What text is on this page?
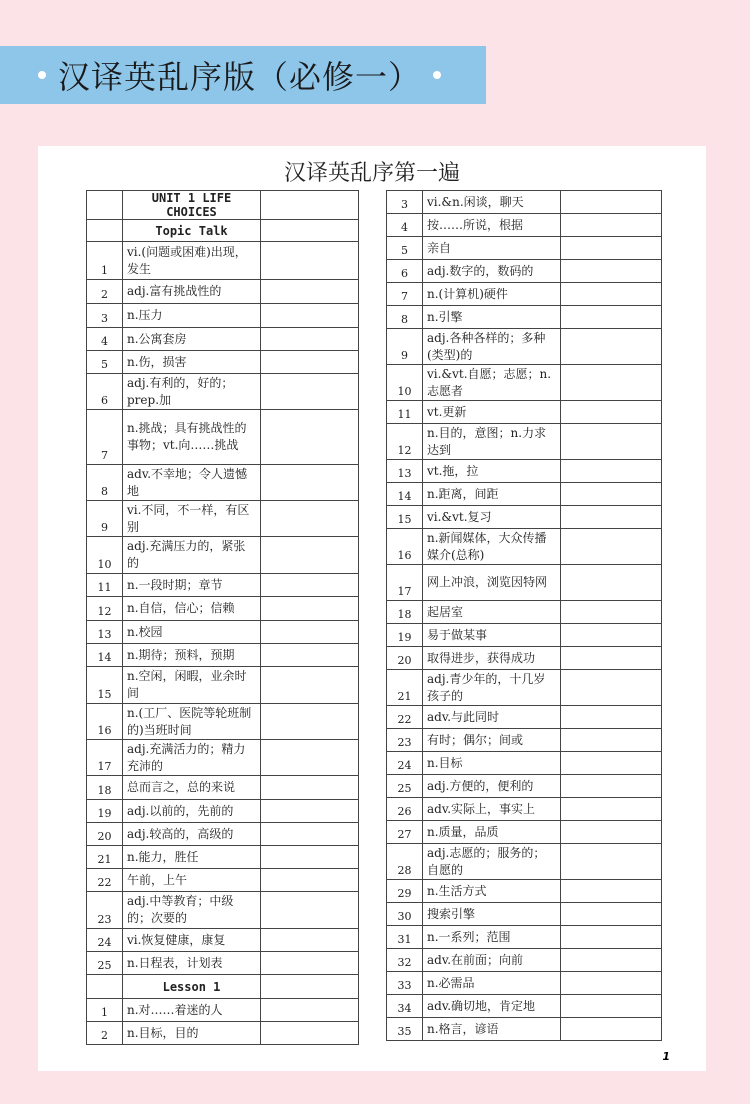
汉译英乱序版（必修一）
汉译英乱序第一遍
	UNIT 1 LIFE CHOICES	
	Topic Talk	
1	vi.(问题或困难)出现，发生	
2	adj.富有挑战性的	
3	n.压力	
4	n.公寓套房	
5	n.伤，损害	
6	adj.有利的，好的；prep.加	
7	n.挑战；具有挑战性的事物；vt.向……挑战	
8	adv.不幸地；令人遗憾地	
9	vi.不同，不一样，有区别	
10	adj.充满压力的，紧张的	
11	n.一段时期；章节	
12	n.自信，信心；信赖	
13	n.校园	
14	n.期待；预料，预期	
15	n.空闲，闲暇，业余时间	
16	n.(工厂、医院等轮班制的)当班时间	
17	adj.充满活力的；精力充沛的	
18	总而言之，总的来说	
19	adj.以前的，先前的	
20	adj.较高的，高级的	
21	n.能力，胜任	
22	午前，上午	
23	adj.中等教育；中级的；次要的	
24	vi.恢复健康，康复	
25	n.日程表，计划表	
	Lesson 1	
1	n.对……着迷的人	
2	n.目标，目的	
3	vi.&n.闲谈，聊天	
4	按……所说，根据	
5	亲自	
6	adj.数字的，数码的	
7	n.(计算机)硬件	
8	n.引擎	
9	adj.各种各样的；多种(类型)的	
10	vi.&vt.自愿；志愿；n.志愿者	
11	vt.更新	
12	n.目的，意图；n.力求达到	
13	vt.拖，拉	
14	n.距离，间距	
15	vi.&vt.复习	
16	n.新闻媒体，大众传播媒介(总称)	
17	网上冲浪，浏览因特网	
18	起居室	
19	易于做某事	
20	取得进步，获得成功	
21	adj.青少年的，十几岁孩子的	
22	adv.与此同时	
23	有时；偶尔；间或	
24	n.目标	
25	adj.方便的，便利的	
26	adv.实际上，事实上	
27	n.质量，品质	
28	adj.志愿的；服务的；自愿的	
29	n.生活方式	
30	搜索引擎	
31	n.一系列；范围	
32	adv.在前面；向前	
33	n.必需品	
34	adv.确切地，肯定地	
35	n.格言，谚语	
1
